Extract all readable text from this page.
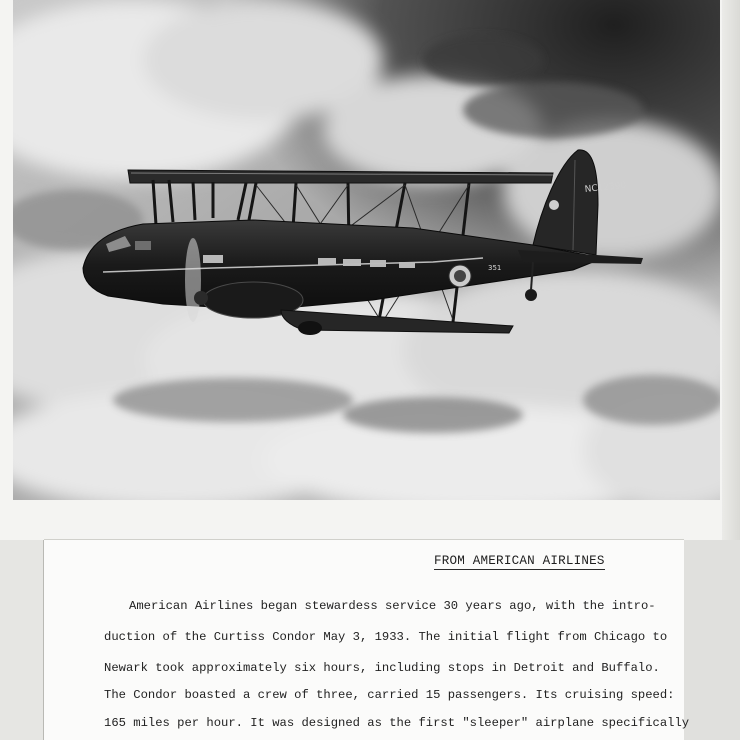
NC12390
351
FROM AMERICAN AIRLINES
American Airlines began stewardess service 30 years ago, with the intro-
duction of the Curtiss Condor May 3, 1933. The initial flight from Chicago to
Newark took approximately six hours, including stops in Detroit and Buffalo.
The Condor boasted a crew of three, carried 15 passengers. Its cruising speed:
165 miles per hour. It was designed as the first "sleeper" airplane specifically
